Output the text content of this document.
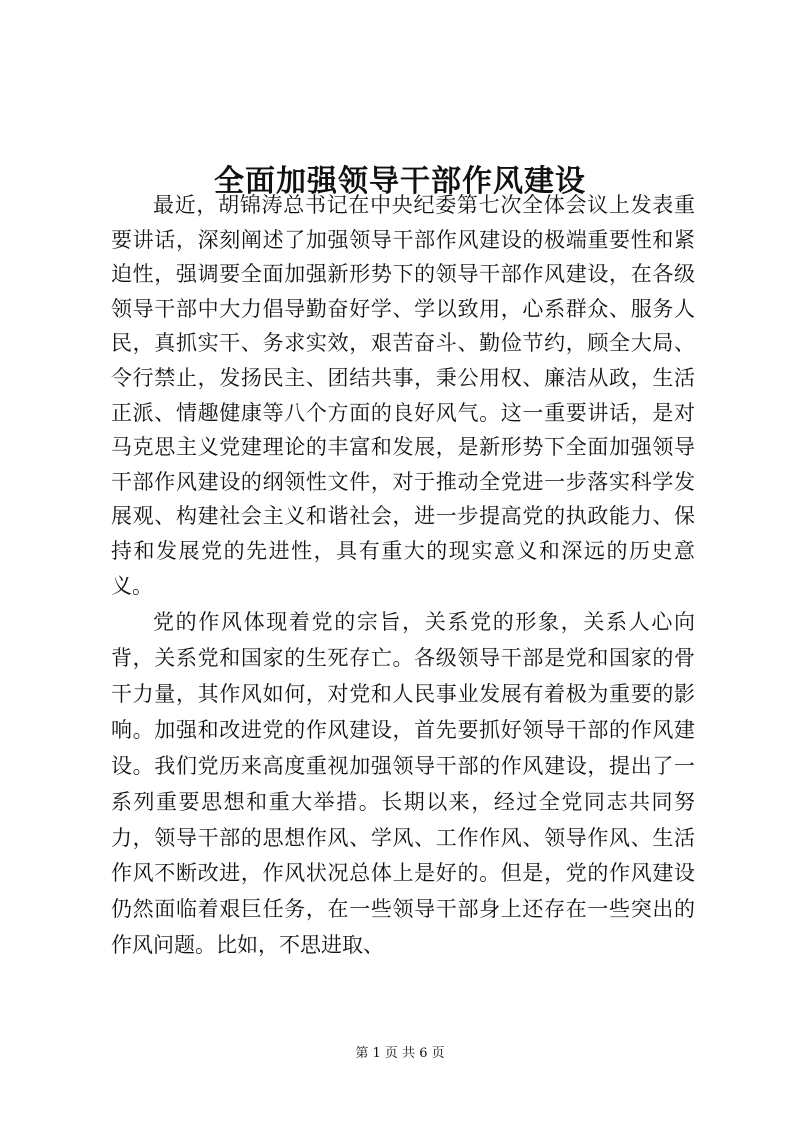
全面加强领导干部作风建设

最近，胡锦涛总书记在中央纪委第七次全体会议上发表重要讲话，深刻阐述了加强领导干部作风建设的极端重要性和紧迫性，强调要全面加强新形势下的领导干部作风建设，在各级领导干部中大力倡导勤奋好学、学以致用，心系群众、服务人民，真抓实干、务求实效，艰苦奋斗、勤俭节约，顾全大局、令行禁止，发扬民主、团结共事，秉公用权、廉洁从政，生活正派、情趣健康等八个方面的良好风气。这一重要讲话，是对马克思主义党建理论的丰富和发展，是新形势下全面加强领导干部作风建设的纲领性文件，对于推动全党进一步落实科学发展观、构建社会主义和谐社会，进一步提高党的执政能力、保持和发展党的先进性，具有重大的现实意义和深远的历史意义。

党的作风体现着党的宗旨，关系党的形象，关系人心向背，关系党和国家的生死存亡。各级领导干部是党和国家的骨干力量，其作风如何，对党和人民事业发展有着极为重要的影响。加强和改进党的作风建设，首先要抓好领导干部的作风建设。我们党历来高度重视加强领导干部的作风建设，提出了一系列重要思想和重大举措。长期以来，经过全党同志共同努力，领导干部的思想作风、学风、工作作风、领导作风、生活作风不断改进，作风状况总体上是好的。但是，党的作风建设仍然面临着艰巨任务，在一些领导干部身上还存在一些突出的作风问题。比如，不思进取、

第 1 页 共 6 页
